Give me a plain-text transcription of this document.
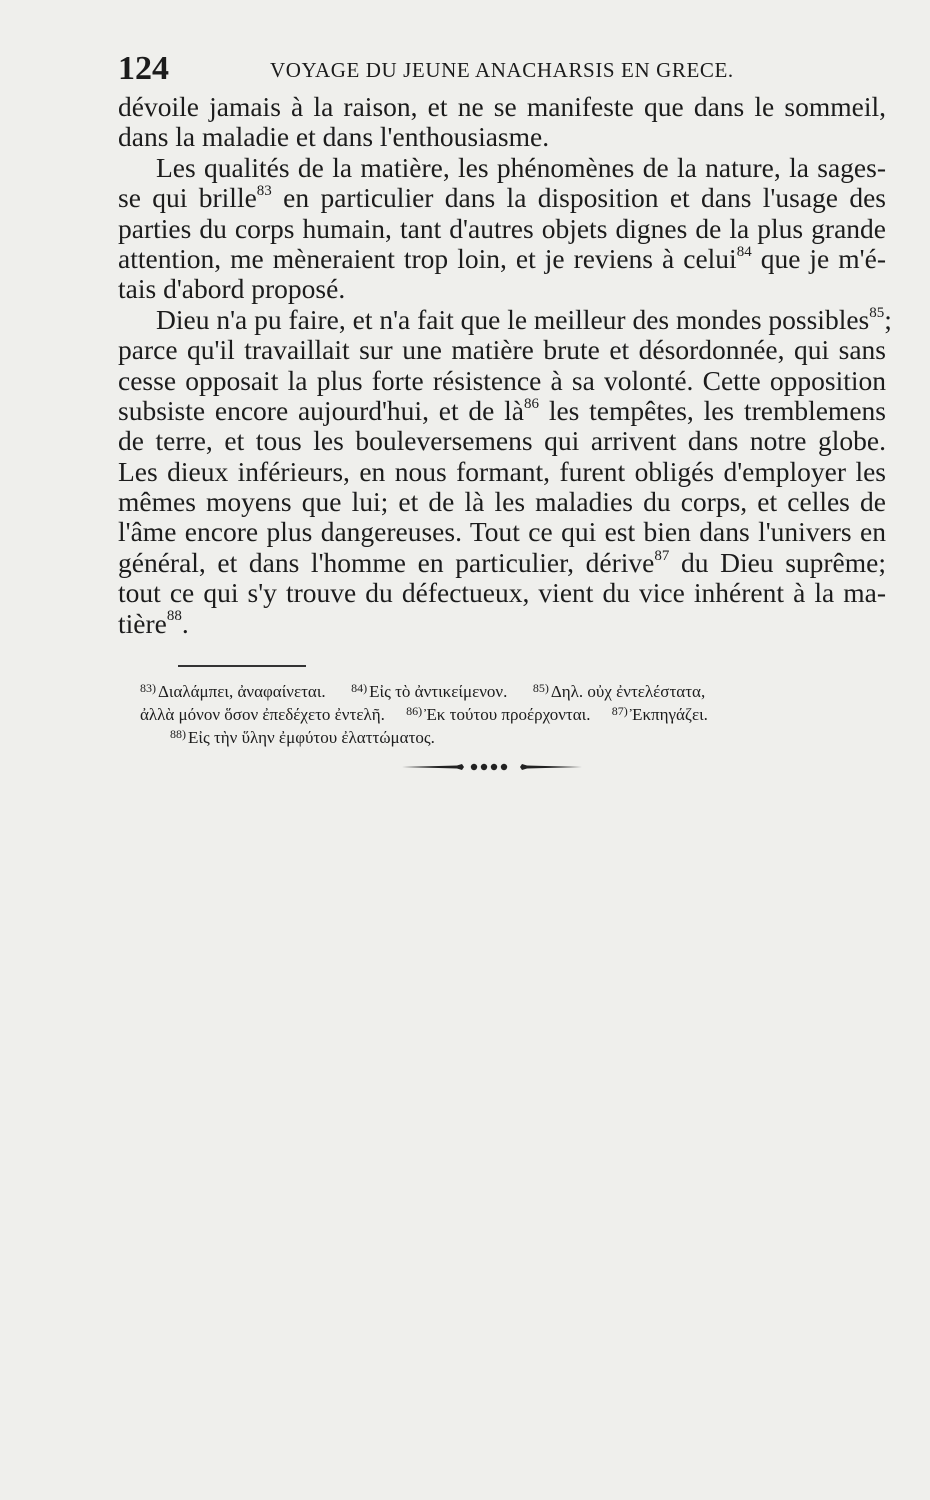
124	VOYAGE DU JEUNE ANACHARSIS EN GRECE.
dévoile jamais à la raison, et ne se manifeste que dans le sommeil,
dans la maladie et dans l'enthousiasme.
Les qualités de la matière, les phénomènes de la nature, la sages-
se qui brille$^{83}$ en particulier dans la disposition et dans l'usage des
parties du corps humain, tant d'autres objets dignes de la plus grande
attention, me mèneraient trop loin, et je reviens à celui$^{84}$ que je m'é-
tais d'abord proposé.
Dieu n'a pu faire, et n'a fait que le meilleur des mondes possibles$^{85}$;
parce qu'il travaillait sur une matière brute et désordonnée, qui sans
cesse opposait la plus forte résistence à sa volonté. Cette opposition
subsiste encore aujourd'hui, et de $là^{86}$ les tempêtes, les tremblemens
de terre, et tous les bouleversemens qui arrivent dans notre globe.
Les dieux inférieurs, en nous formant, furent obligés d'employer les
mêmes moyens que lui; et de là les maladies du corps, et celles de
l'âme encore plus dangereuses. Tout ce qui est bien dans l'univers en
général, et dans l'homme en particulier, dérive$^{87}$ du Dieu suprême;
tout ce qui s'y trouve du défectueux, vient du vice inhérent à la ma-
tière$^{88}$.
$^{83)}$ Διαλάμπει, ἀναφαίνεται. $^{84)}$ Εἰς τὸ ἀντικείμενον. $^{85)}$ Δηλ. οὐχ ἐντελέστατα,
ἀλλὰ μόνον ὅσον ἐπεδέχετο ἐντελῆ. $^{86)}$ Ἐκ τούτου προέρχονται. $^{87)}$ Ἐκπηγάζει.
$^{88)}$ Εἰς τὴν ὕλην ἐμφύτου ἐλαττώματος.
